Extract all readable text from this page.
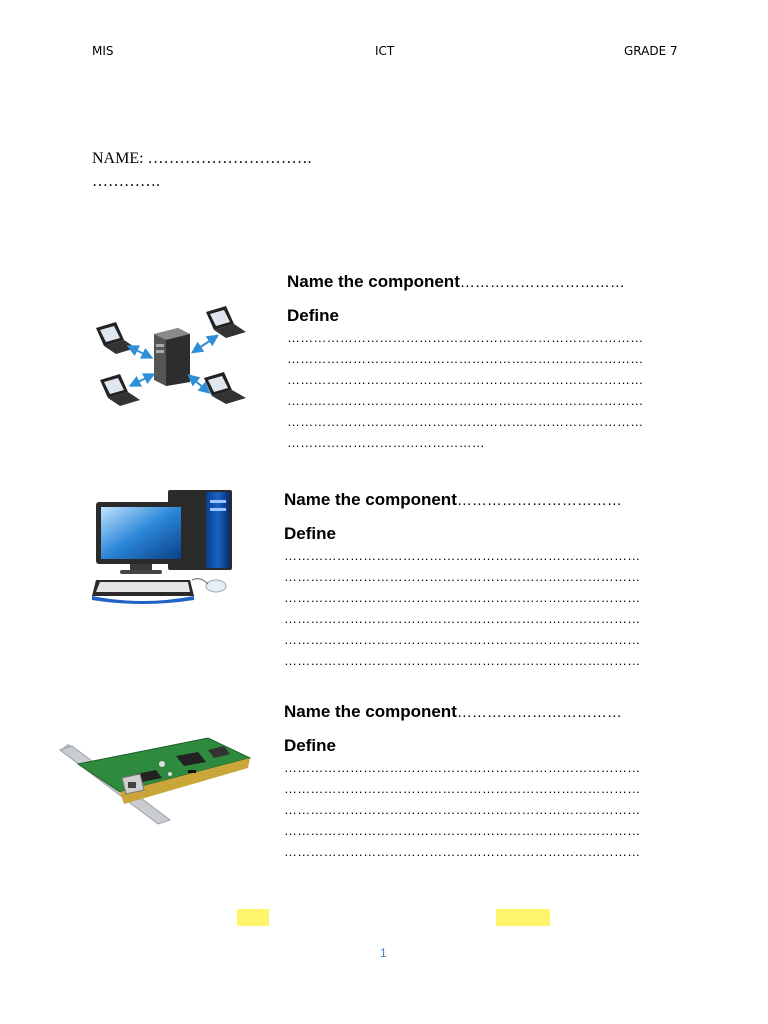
MIS	ICT	GRADE 7
NAME: ………………………….
………….
Name the component……………………………
Define
………………………………………………………………………
………………………………………………………………………
………………………………………………………………………
………………………………………………………………………
………………………………………………………………………
………………………………………
Name the component……………………………
Define
………………………………………………………………………
………………………………………………………………………
………………………………………………………………………
………………………………………………………………………
………………………………………………………………………
………………………………………………………………………
Name the component……………………………
Define
………………………………………………………………………
………………………………………………………………………
………………………………………………………………………
………………………………………………………………………
………………………………………………………………………
1
